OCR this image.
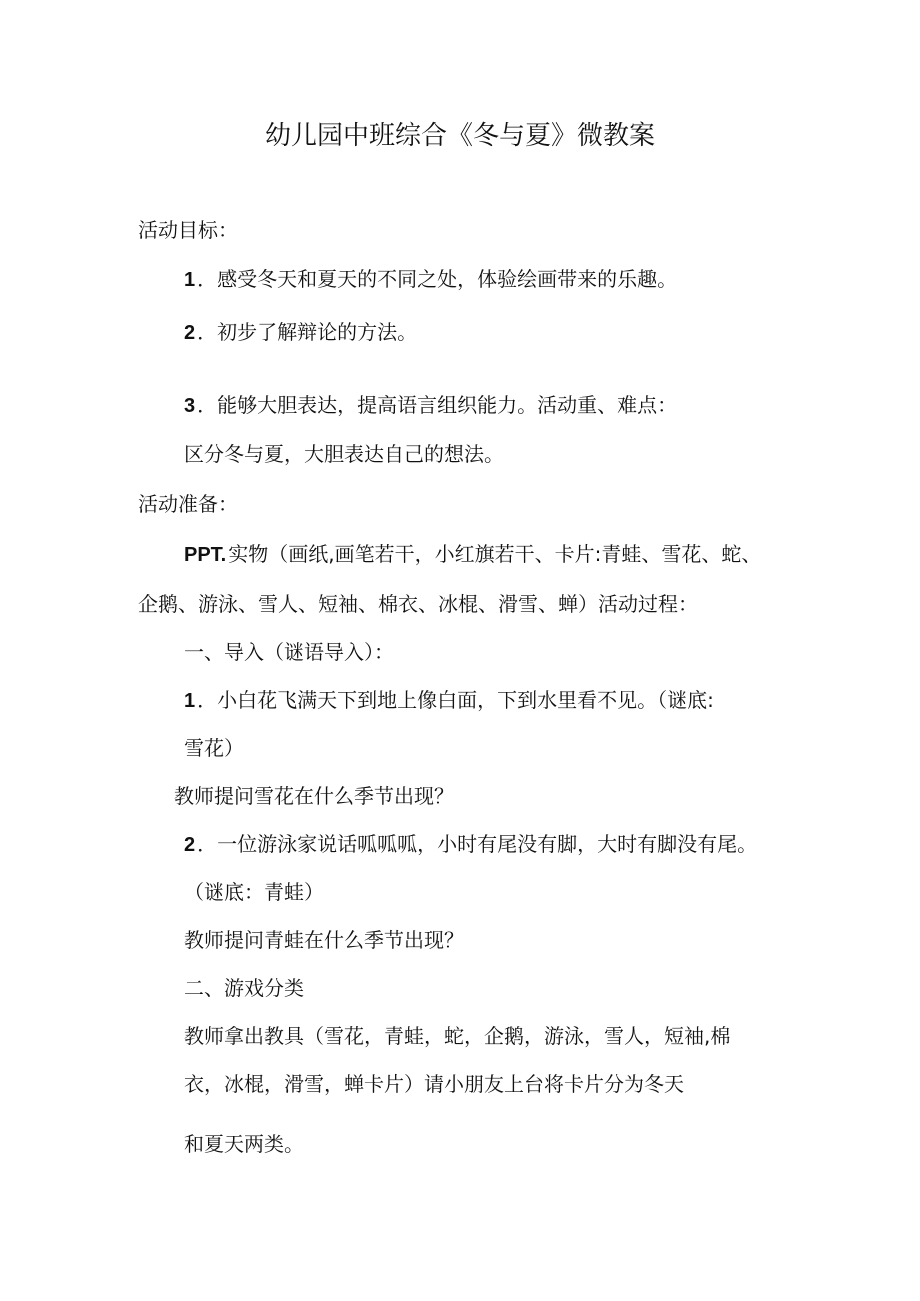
幼儿园中班综合《冬与夏》微教案
活动目标：
1 ．感受冬天和夏天的不同之处，体验绘画带来的乐趣。
2 ．初步了解辩论的方法。
3 ．能够大胆表达，提高语言组织能力。活动重、难点：
区分冬与夏，大胆表达自己的想法。
活动准备：
PPT. 实物（画纸,画笔若干，小红旗若干、卡片:青蛙、雪花、蛇、
企鹅、游泳、雪人、短袖、棉衣、冰棍、滑雪、蝉）活动过程：
一、导入（谜语导入）：
1 ．小白花飞满天下到地上像白面，下到水里看不见。（谜底:
雪花）
教师提问雪花在什么季节出现？
2 ．一位游泳家说话呱呱呱，小时有尾没有脚，大时有脚没有尾。
（谜底：青蛙）
教师提问青蛙在什么季节出现？
二、游戏分类
教师拿出教具（雪花，青蛙，蛇，企鹅，游泳，雪人，短袖,棉
衣，冰棍，滑雪，蝉卡片）请小朋友上台将卡片分为冬天
和夏天两类。
